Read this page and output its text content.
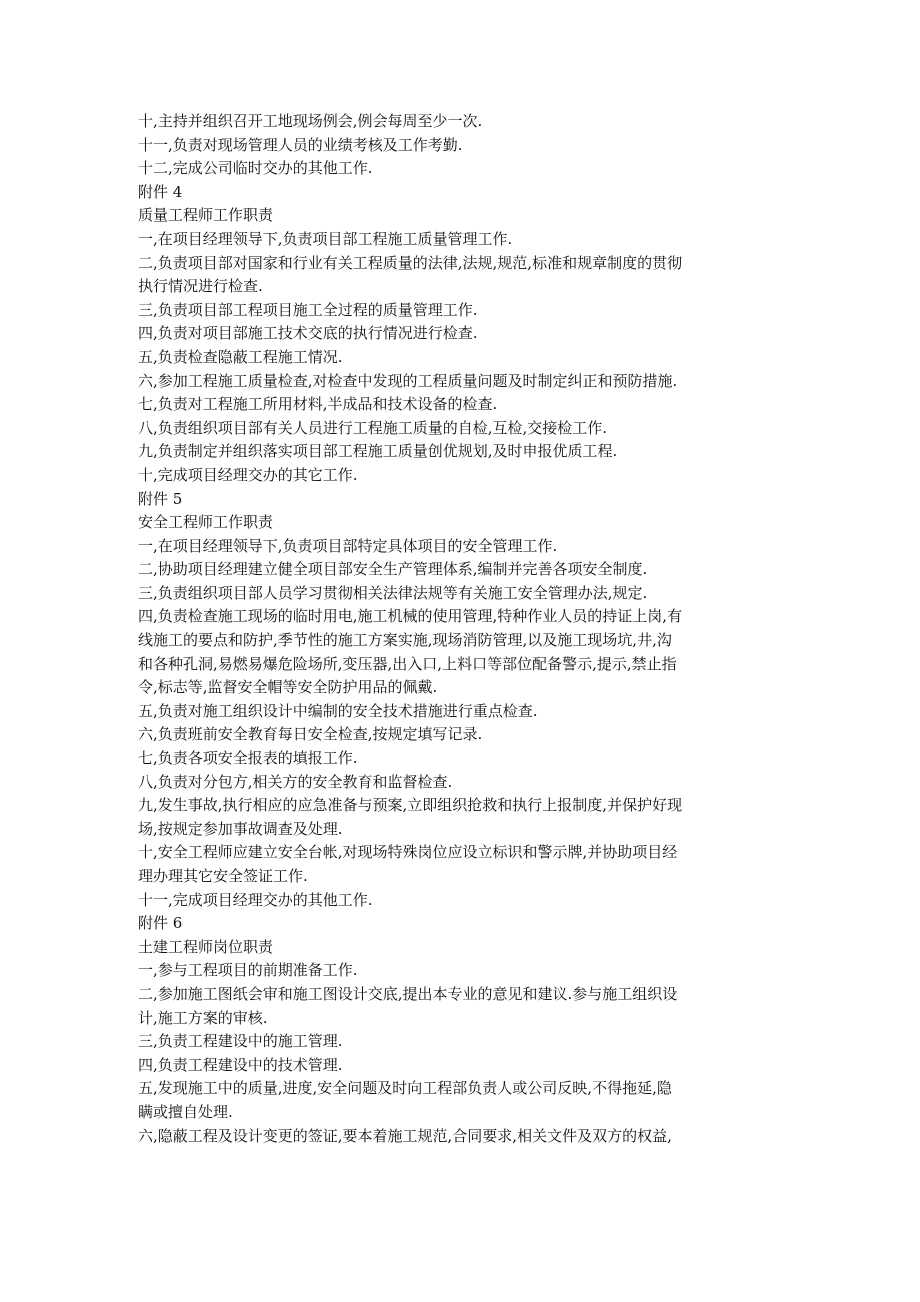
十,主持并组织召开工地现场例会,例会每周至少一次.
十一,负责对现场管理人员的业绩考核及工作考勤.
十二,完成公司临时交办的其他工作.
附件 4
质量工程师工作职责
一,在项目经理领导下,负责项目部工程施工质量管理工作.
二,负责项目部对国家和行业有关工程质量的法律,法规,规范,标准和规章制度的贯彻
执行情况进行检查.
三,负责项目部工程项目施工全过程的质量管理工作.
四,负责对项目部施工技术交底的执行情况进行检查.
五,负责检查隐蔽工程施工情况.
六,参加工程施工质量检查,对检查中发现的工程质量问题及时制定纠正和预防措施.
七,负责对工程施工所用材料,半成品和技术设备的检查.
八,负责组织项目部有关人员进行工程施工质量的自检,互检,交接检工作.
九,负责制定并组织落实项目部工程施工质量创优规划,及时申报优质工程.
十,完成项目经理交办的其它工作.
附件 5
安全工程师工作职责
一,在项目经理领导下,负责项目部特定具体项目的安全管理工作.
二,协助项目经理建立健全项目部安全生产管理体系,编制并完善各项安全制度.
三,负责组织项目部人员学习贯彻相关法律法规等有关施工安全管理办法,规定.
四,负责检查施工现场的临时用电,施工机械的使用管理,特种作业人员的持证上岗,有
线施工的要点和防护,季节性的施工方案实施,现场消防管理,以及施工现场坑,井,沟
和各种孔洞,易燃易爆危险场所,变压器,出入口,上料口等部位配备警示,提示,禁止指
令,标志等,监督安全帽等安全防护用品的佩戴.
五,负责对施工组织设计中编制的安全技术措施进行重点检查.
六,负责班前安全教育每日安全检查,按规定填写记录.
七,负责各项安全报表的填报工作.
八,负责对分包方,相关方的安全教育和监督检查.
九,发生事故,执行相应的应急准备与预案,立即组织抢救和执行上报制度,并保护好现
场,按规定参加事故调查及处理.
十,安全工程师应建立安全台帐,对现场特殊岗位应设立标识和警示牌,并协助项目经
理办理其它安全签证工作.
十一,完成项目经理交办的其他工作.
附件 6
土建工程师岗位职责
一,参与工程项目的前期准备工作.
二,参加施工图纸会审和施工图设计交底,提出本专业的意见和建议.参与施工组织设
计,施工方案的审核.
三,负责工程建设中的施工管理.
四,负责工程建设中的技术管理.
五,发现施工中的质量,进度,安全问题及时向工程部负责人或公司反映,不得拖延,隐
瞒或擅自处理.
六,隐蔽工程及设计变更的签证,要本着施工规范,合同要求,相关文件及双方的权益,
